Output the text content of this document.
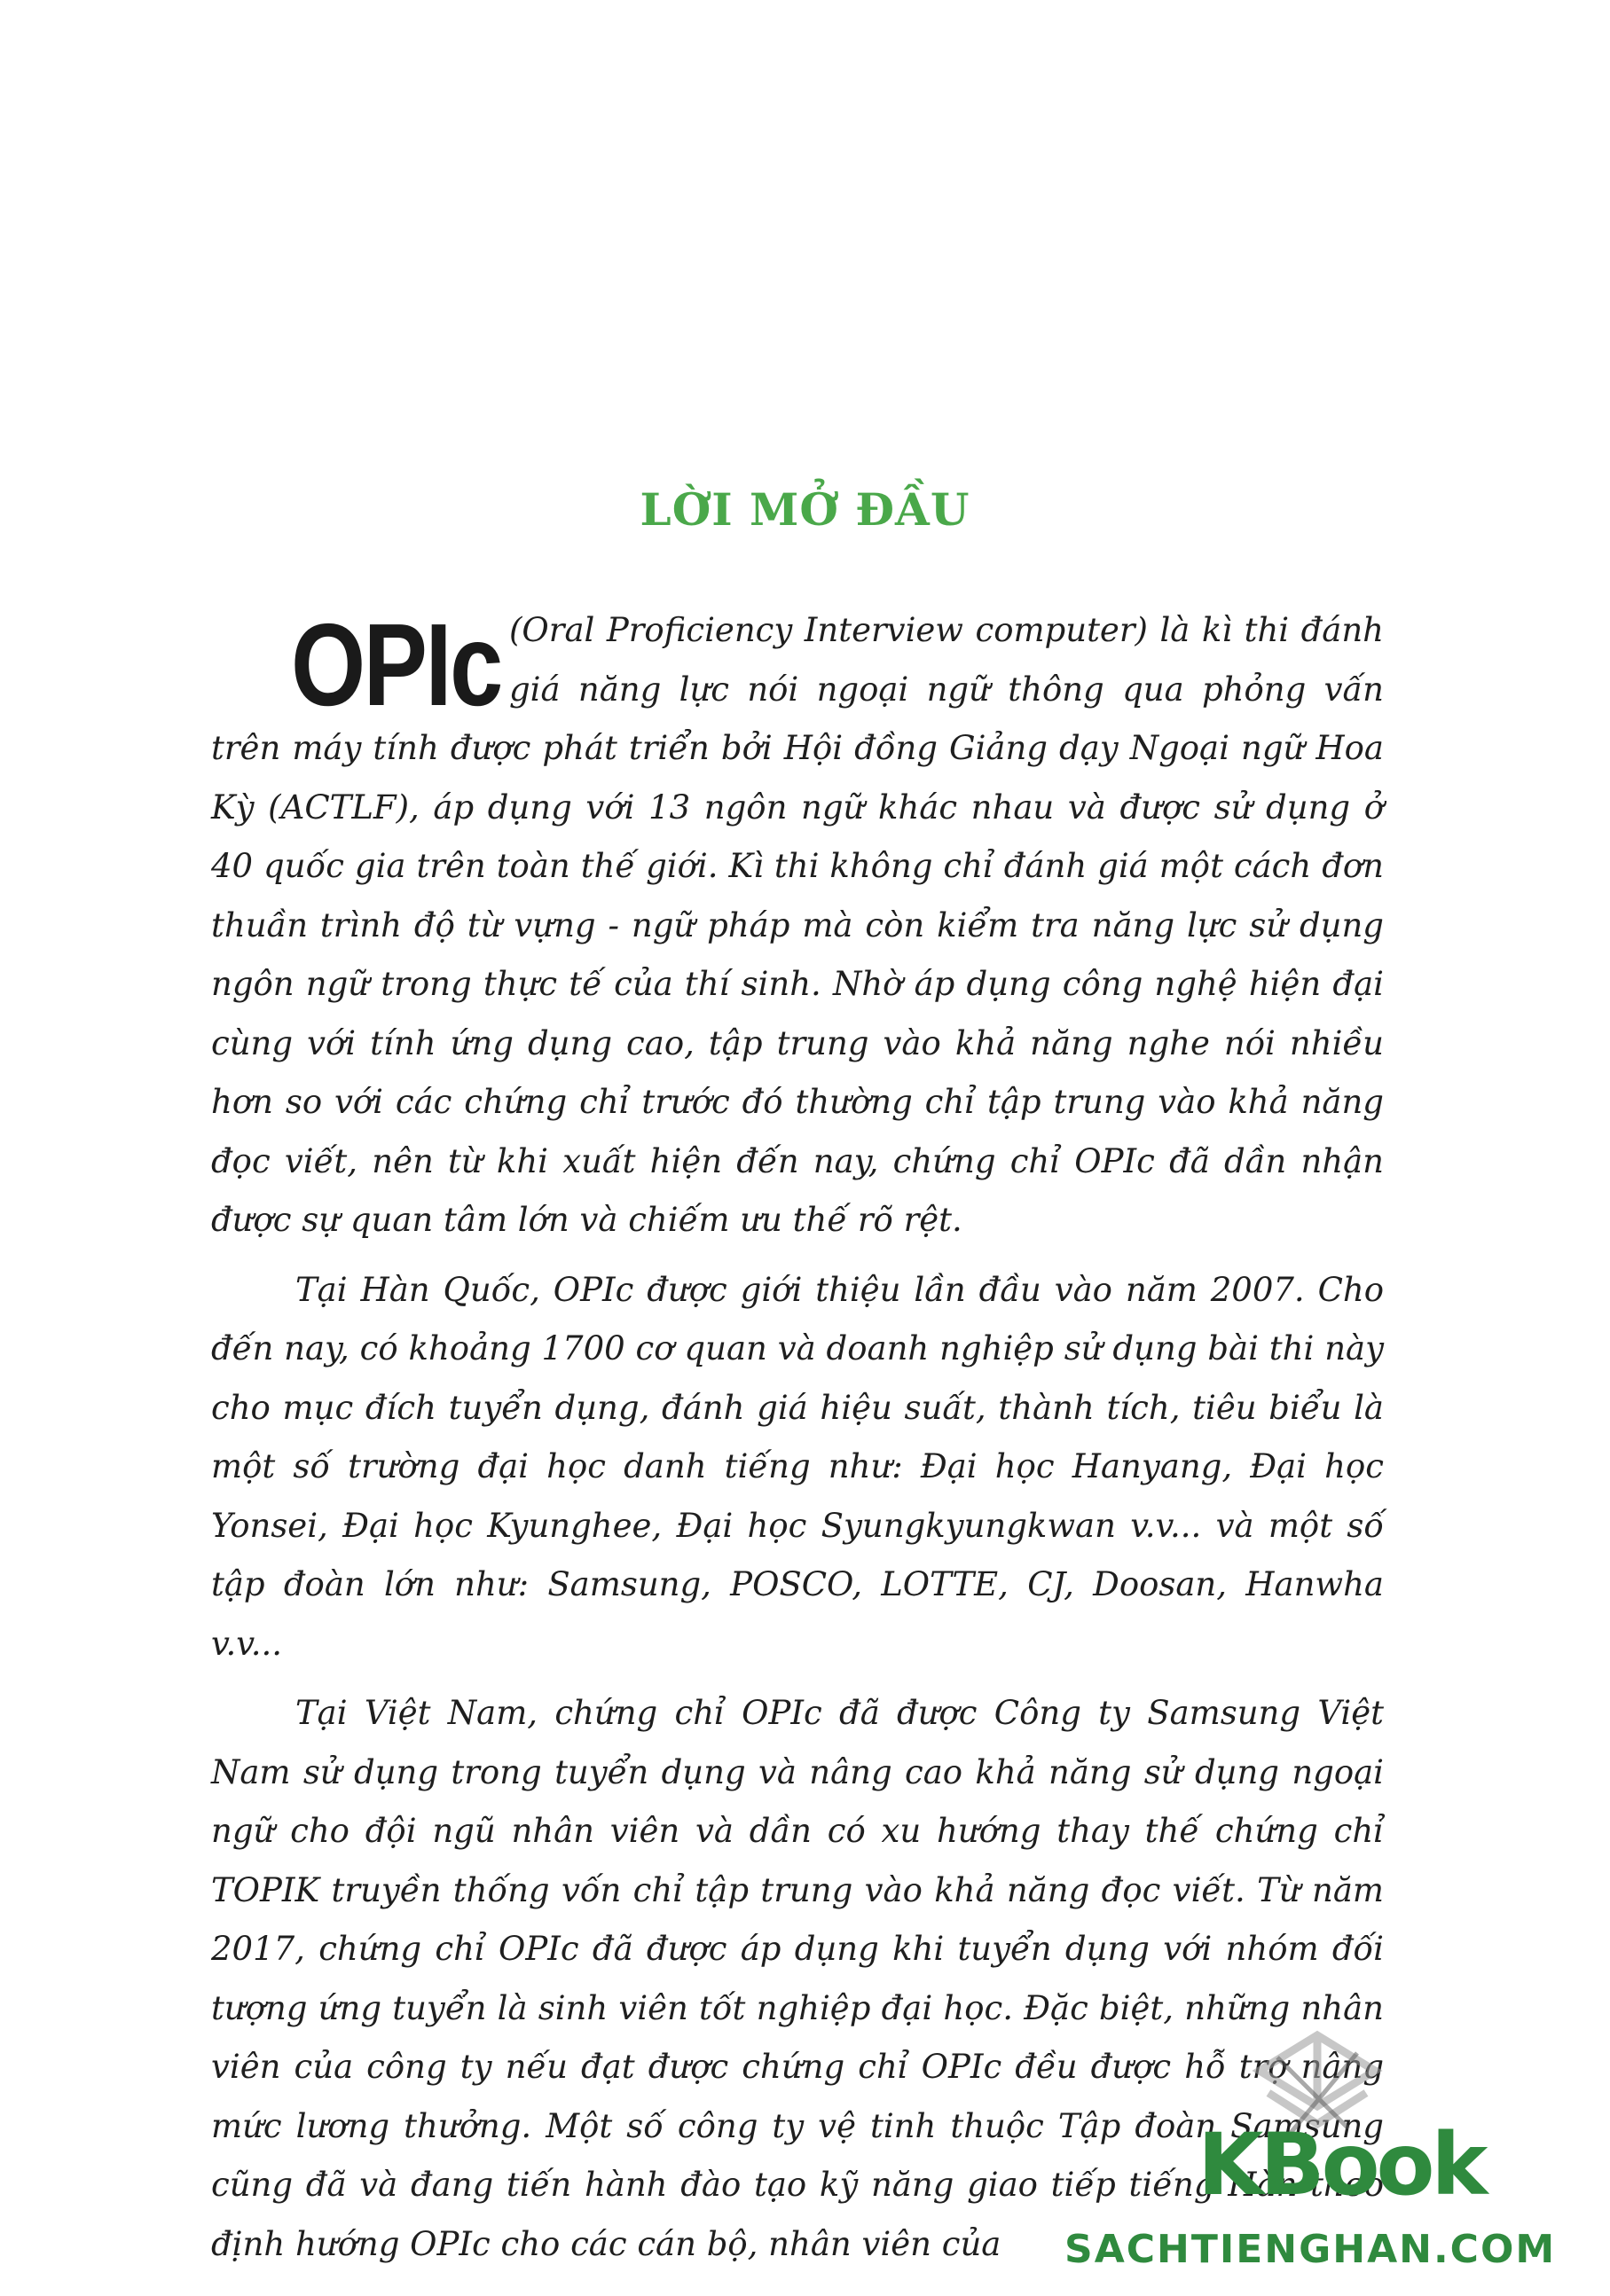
LỜI MỞ ĐẦU

OPIc (Oral Proficiency Interview computer) là kì thi đánh giá năng lực nói ngoại ngữ thông qua phỏng vấn trên máy tính được phát triển bởi Hội đồng Giảng dạy Ngoại ngữ Hoa Kỳ (ACTLF), áp dụng với 13 ngôn ngữ khác nhau và được sử dụng ở 40 quốc gia trên toàn thế giới. Kì thi không chỉ đánh giá một cách đơn thuần trình độ từ vựng - ngữ pháp mà còn kiểm tra năng lực sử dụng ngôn ngữ trong thực tế của thí sinh. Nhờ áp dụng công nghệ hiện đại cùng với tính ứng dụng cao, tập trung vào khả năng nghe nói nhiều hơn so với các chứng chỉ trước đó thường chỉ tập trung vào khả năng đọc viết, nên từ khi xuất hiện đến nay, chứng chỉ OPIc đã dần nhận được sự quan tâm lớn và chiếm ưu thế rõ rệt.

Tại Hàn Quốc, OPIc được giới thiệu lần đầu vào năm 2007. Cho đến nay, có khoảng 1700 cơ quan và doanh nghiệp sử dụng bài thi này cho mục đích tuyển dụng, đánh giá hiệu suất, thành tích, tiêu biểu là một số trường đại học danh tiếng như: Đại học Hanyang, Đại học Yonsei, Đại học Kyunghee, Đại học Syungkyungkwan v.v... và một số tập đoàn lớn như: Samsung, POSCO, LOTTE, CJ, Doosan, Hanwha v.v...

Tại Việt Nam, chứng chỉ OPIc đã được Công ty Samsung Việt Nam sử dụng trong tuyển dụng và nâng cao khả năng sử dụng ngoại ngữ cho đội ngũ nhân viên và dần có xu hướng thay thế chứng chỉ TOPIK truyền thống vốn chỉ tập trung vào khả năng đọc viết. Từ năm 2017, chứng chỉ OPIc đã được áp dụng khi tuyển dụng với nhóm đối tượng ứng tuyển là sinh viên tốt nghiệp đại học. Đặc biệt, những nhân viên của công ty nếu đạt được chứng chỉ OPIc đều được hỗ trợ nâng mức lương thưởng. Một số công ty vệ tinh thuộc Tập đoàn Samsung cũng đã và đang tiến hành đào tạo kỹ năng giao tiếp tiếng Hàn theo định hướng OPIc cho các cán bộ, nhân viên của

KBook
SACHTIENGHAN.COM
